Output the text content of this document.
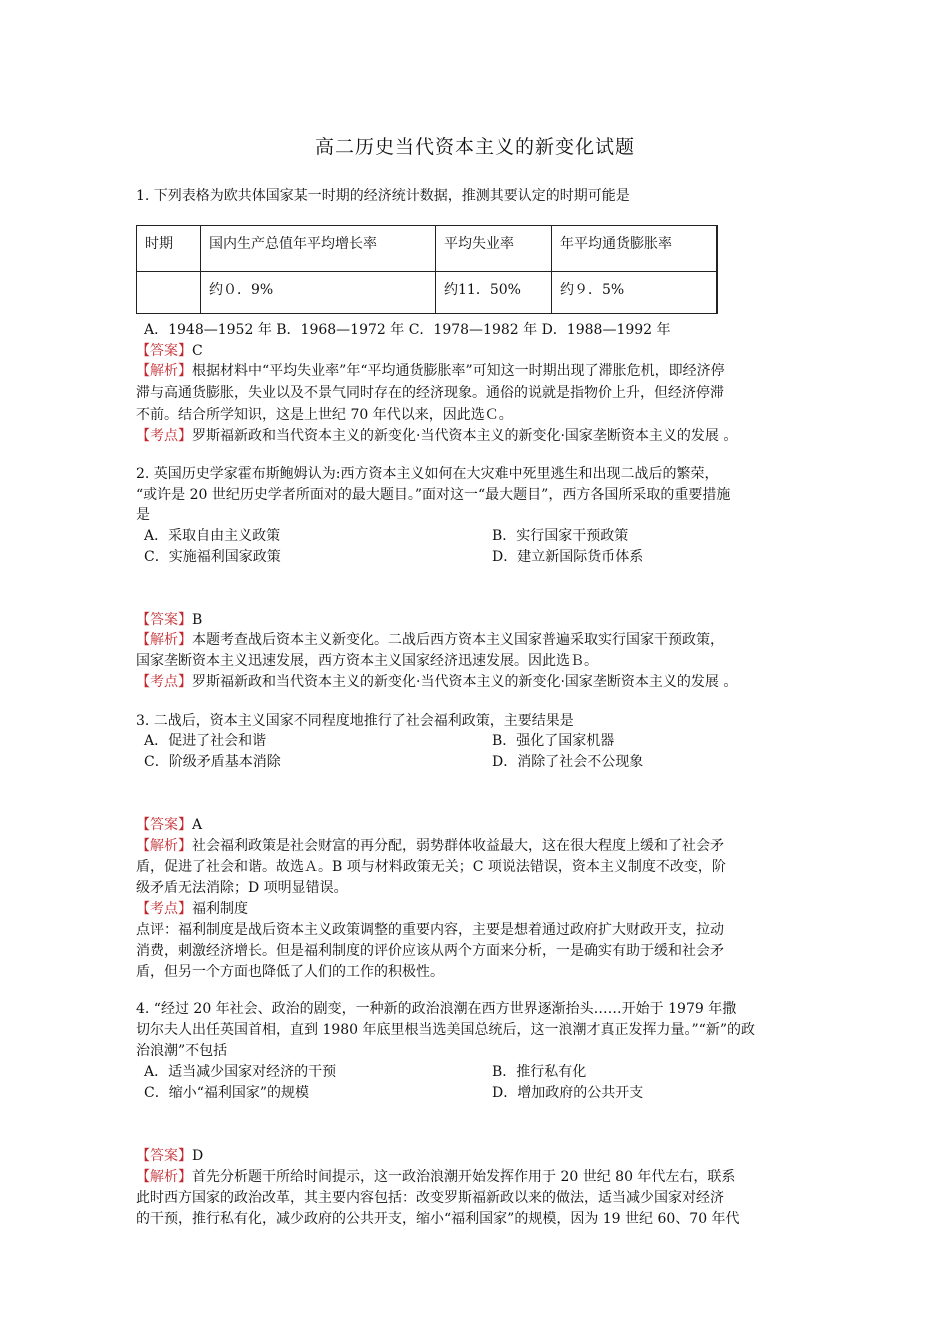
高二历史当代资本主义的新变化试题
1. 下列表格为欧共体国家某一时期的经济统计数据，推测其要认定的时期可能是
时期	国内生产总值年平均增长率	平均失业率	年平均通货膨胀率
	约０．9%	约11．50%	约９．5%
A．1948—1952 年 B．1968—1972 年 C．1978—1982 年 D．1988—1992 年
【答案】C
【解析】根据材料中“平均失业率”年“平均通货膨胀率”可知这一时期出现了滞胀危机，即经济停
滞与高通货膨胀，失业以及不景气同时存在的经济现象。通俗的说就是指物价上升，但经济停滞
不前。结合所学知识，这是上世纪 70 年代以来，因此选Ｃ。
【考点】罗斯福新政和当代资本主义的新变化·当代资本主义的新变化·国家垄断资本主义的发展 。
2. 英国历史学家霍布斯鲍姆认为:西方资本主义如何在大灾难中死里逃生和出现二战后的繁荣，
“或许是 20 世纪历史学者所面对的最大题目。”面对这一“最大题目”，西方各国所采取的重要措施
是
A．采取自由主义政策	B．实行国家干预政策
C．实施福利国家政策	D．建立新国际货币体系
【答案】B
【解析】本题考查战后资本主义新变化。二战后西方资本主义国家普遍采取实行国家干预政策，
国家垄断资本主义迅速发展，西方资本主义国家经济迅速发展。因此选Ｂ。
【考点】罗斯福新政和当代资本主义的新变化·当代资本主义的新变化·国家垄断资本主义的发展 。
3. 二战后，资本主义国家不同程度地推行了社会福利政策，主要结果是
A．促进了社会和谐	B．强化了国家机器
C．阶级矛盾基本消除	D．消除了社会不公现象
【答案】A
【解析】社会福利政策是社会财富的再分配，弱势群体收益最大，这在很大程度上缓和了社会矛
盾，促进了社会和谐。故选Ａ。B 项与材料政策无关；C 项说法错误，资本主义制度不改变，阶
级矛盾无法消除；D 项明显错误。
【考点】福利制度
点评：福利制度是战后资本主义政策调整的重要内容，主要是想着通过政府扩大财政开支，拉动
消费，刺激经济增长。但是福利制度的评价应该从两个方面来分析，一是确实有助于缓和社会矛
盾，但另一个方面也降低了人们的工作的积极性。
4. “经过 20 年社会、政治的剧变，一种新的政治浪潮在西方世界逐渐抬头……开始于 1979 年撒
切尔夫人出任英国首相，直到 1980 年底里根当选美国总统后，这一浪潮才真正发挥力量。”“新”的政
治浪潮”不包括
A．适当减少国家对经济的干预	B．推行私有化
C．缩小“福利国家”的规模	D．增加政府的公共开支
【答案】D
【解析】首先分析题干所给时间提示，这一政治浪潮开始发挥作用于 20 世纪 80 年代左右，联系
此时西方国家的政治改革，其主要内容包括：改变罗斯福新政以来的做法，适当减少国家对经济
的干预，推行私有化，减少政府的公共开支，缩小“福利国家”的规模，因为 19 世纪 60、70 年代
